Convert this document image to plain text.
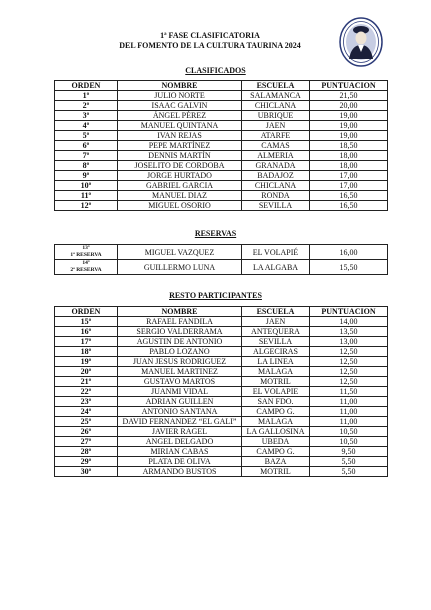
1ª FASE CLASIFICATORIA
DEL FOMENTO DE LA CULTURA TAURINA 2024
CLASIFICADOS
ORDEN	NOMBRE	ESCUELA	PUNTUACION
1º	JULIO NORTE	SALAMANCA	21,50
2º	ISAAC GALVIN	CHICLANA	20,00
3º	ÁNGEL PÉREZ	UBRIQUE	19,00
4º	MANUEL QUINTANA	JAEN	19,00
5º	IVAN REJAS	ATARFE	19,00
6º	PEPE MARTÍNEZ	CAMAS	18,50
7º	DENNIS MARTÍN	ALMERIA	18,00
8º	JOSELITO DE CORDOBA	GRANADA	18,00
9º	JORGE HURTADO	BADAJOZ	17,00
10º	GABRIEL GARCIA	CHICLANA	17,00
11º	MANUEL DIAZ	RONDA	16,50
12º	MIGUEL OSORIO	SEVILLA	16,50
RESERVAS
13º
1ª RESERVA	MIGUEL VAZQUEZ	EL VOLAPIÉ	16,00

14º
2ª RESERVA	GUILLERMO LUNA	LA ALGABA	15,50
RESTO PARTICIPANTES
ORDEN	NOMBRE	ESCUELA	PUNTUACION
15º	RAFAEL FANDILA	JAEN	14,00
16º	SERGIO VALDERRAMA	ANTEQUERA	13,50
17º	AGUSTIN DE ANTONIO	SEVILLA	13,00
18º	PABLO LOZANO	ALGECIRAS	12,50
19º	JUAN JESUS RODRIGUEZ	LA LINEA	12,50
20º	MANUEL MARTINEZ	MALAGA	12,50
21º	GUSTAVO MARTOS	MOTRIL	12,50
22º	JUANMI VIDAL	EL VOLAPIE	11,50
23º	ADRIAN GUILLEN	SAN FDO.	11,00
24º	ANTONIO SANTANA	CAMPO G.	11,00
25º	DAVID FERNANDEZ “EL GALI”	MALAGA	11,00
26º	JAVIER RAGEL	LA GALLOSINA	10,50
27º	ANGEL DELGADO	UBEDA	10,50
28º	MIRIAN CABAS	CAMPO G.	9,50
29º	PLATA DE OLIVA	BAZA	5,50
30º	ARMANDO BUSTOS	MOTRIL	5,50
